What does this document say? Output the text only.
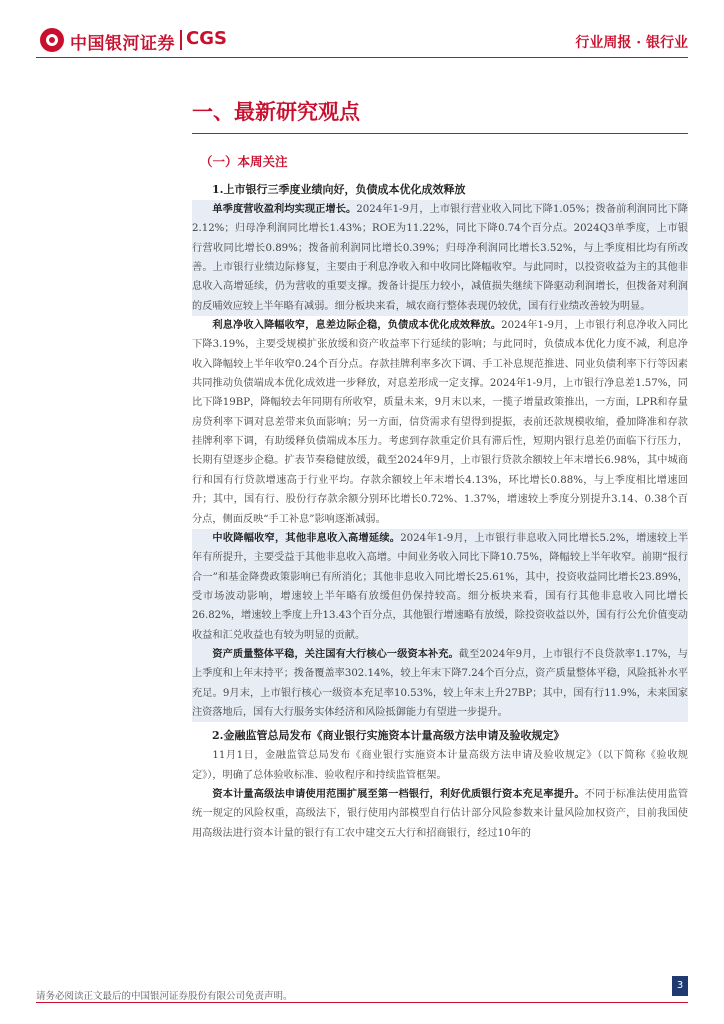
中国银河证券 CGS	行业周报 · 银行业
一、最新研究观点
（一）本周关注
1.上市银行三季度业绩向好，负债成本优化成效释放

单季度营收盈利均实现正增长。2024年1-9月，上市银行营业收入同比下降1.05%；拨备前利润同比下降2.12%；归母净利润同比增长1.43%；ROE为11.22%，同比下降0.74个百分点。2024Q3单季度，上市银行营收同比增长0.89%；拨备前利润同比增长0.39%；归母净利润同比增长3.52%，与上季度相比均有所改善。上市银行业绩边际修复，主要由于利息净收入和中收同比降幅收窄。与此同时，以投资收益为主的其他非息收入高增延续，仍为营收的重要支撑。拨备计提压力较小，减值损失继续下降驱动利润增长，但拨备对利润的反哺效应较上半年略有减弱。细分板块来看，城农商行整体表现仍较优，国有行业绩改善较为明显。

利息净收入降幅收窄，息差边际企稳，负债成本优化成效释放。2024年1-9月，上市银行利息净收入同比下降3.19%，主要受规模扩张放缓和资产收益率下行延续的影响；与此同时，负债成本优化力度不减，利息净收入降幅较上半年收窄0.24个百分点。存款挂牌利率多次下调、手工补息规范推进、同业负债利率下行等因素共同推动负债端成本优化成效进一步释放，对息差形成一定支撑。2024年1-9月，上市银行净息差1.57%，同比下降19BP，降幅较去年同期有所收窄，质量未来，9月末以来，一揽子增量政策推出，一方面，LPR和存量房贷利率下调对息差带来负面影响；另一方面，信贷需求有望得到提振，表前还款规模收缩，叠加降准和存款挂牌利率下调，有助缓释负债端成本压力。考虑到存款重定价具有滞后性，短期内银行息差仍面临下行压力，长期有望逐步企稳。扩表节奏稳健放缓，截至2024年9月，上市银行贷款余额较上年末增长6.98%，其中城商行和国有行贷款增速高于行业平均。存款余额较上年末增长4.13%，环比增长0.88%，与上季度相比增速回升；其中，国有行、股份行存款余额分别环比增长0.72%、1.37%，增速较上季度分别提升3.14、0.38个百分点，侧面反映“手工补息”影响逐渐减弱。

中收降幅收窄，其他非息收入高增延续。2024年1-9月，上市银行非息收入同比增长5.2%，增速较上半年有所提升，主要受益于其他非息收入高增。中间业务收入同比下降10.75%，降幅较上半年收窄。前期“报行合一”和基金降费政策影响已有所消化；其他非息收入同比增长25.61%，其中，投资收益同比增长23.89%，受市场波动影响，增速较上半年略有放缓但仍保持较高。细分板块来看，国有行其他非息收入同比增长26.82%，增速较上季度上升13.43个百分点，其他银行增速略有放缓，除投资收益以外，国有行公允价值变动收益和汇兑收益也有较为明显的贡献。

资产质量整体平稳，关注国有大行核心一级资本补充。截至2024年9月，上市银行不良贷款率1.17%，与上季度和上年末持平；拨备覆盖率302.14%，较上年末下降7.24个百分点，资产质量整体平稳，风险抵补水平充足。9月末，上市银行核心一级资本充足率10.53%，较上年末上升27BP；其中，国有行11.9%，未来国家注资落地后，国有大行服务实体经济和风险抵御能力有望进一步提升。

2.金融监管总局发布《商业银行实施资本计量高级方法申请及验收规定》

11月1日，金融监管总局发布《商业银行实施资本计量高级方法申请及验收规定》（以下简称《验收规定》），明确了总体验收标准、验收程序和持续监管框架。

资本计量高级法申请使用范围扩展至第一档银行，利好优质银行资本充足率提升。不同于标准法使用监管统一规定的风险权重，高级法下，银行使用内部模型自行估计部分风险参数来计量风险加权资产，目前我国使用高级法进行资本计量的银行有工农中建交五大行和招商银行，经过10年的

请务必阅读正文最后的中国银河证券股份有限公司免责声明。
3
